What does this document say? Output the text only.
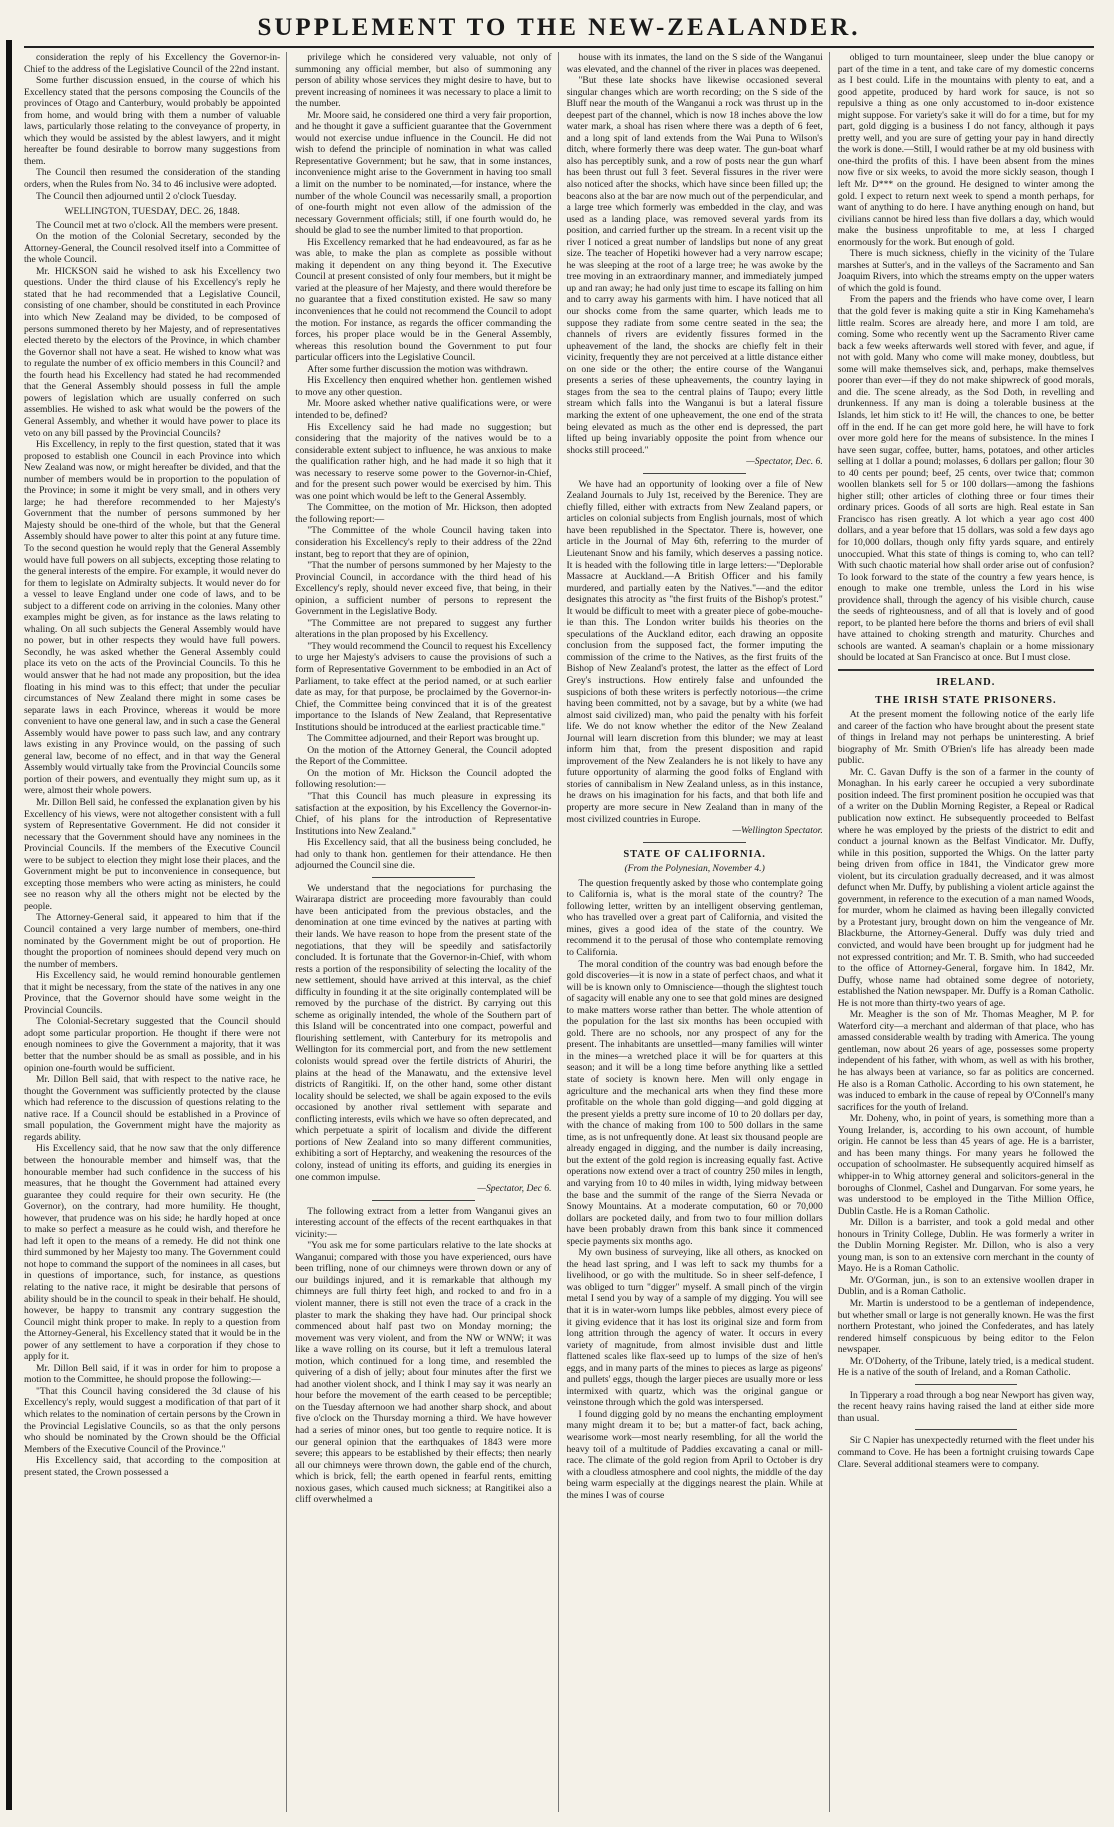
SUPPLEMENT TO THE NEW-ZEALANDER.

consideration the reply of his Excellency the Governor-in-Chief to the address of the Legislative Council of the 22nd instant.

Some further discussion ensued, in the course of which his Excellency stated that the persons composing the Councils of the provinces of Otago and Canterbury, would probably be appointed from home, and would bring with them a number of valuable laws, particularly those relating to the conveyance of property, in which they would be assisted by the ablest lawyers, and it might hereafter be found desirable to borrow many suggestions from them.

The Council then resumed the consideration of the standing orders, when the Rules from No. 34 to 46 inclusive were adopted.

The Council then adjourned until 2 o'clock Tuesday.

WELLINGTON, TUESDAY, DEC. 26, 1848.

The Council met at two o'clock. All the members were present.

On the motion of the Colonial Secretary, seconded by the Attorney-General, the Council resolved itself into a Committee of the whole Council.

Mr. HICKSON said he wished to ask his Excellency two questions. Under the third clause of his Excellency's reply he stated that he had recommended that a Legislative Council, consisting of one chamber, should be constituted in each Province into which New Zealand may be divided, to be composed of persons summoned thereto by her Majesty, and of representatives elected thereto by the electors of the Province, in which chamber the Governor shall not have a seat. He wished to know what was to regulate the number of ex officio members in this Council? and the fourth head his Excellency had stated he had recommended that the General Assembly should possess in full the ample powers of legislation which are usually conferred on such assemblies. He wished to ask what would be the powers of the General Assembly, and whether it would have power to place its veto on any bill passed by the Provincial Councils?

His Excellency, in reply to the first question, stated that it was proposed to establish one Council in each Province into which New Zealand was now, or might hereafter be divided, and that the number of members would be in proportion to the population of the Province; in some it might be very small, and in others very large; he had therefore recommended to her Majesty's Government that the number of persons summoned by her Majesty should be one-third of the whole, but that the General Assembly should have power to alter this point at any future time. To the second question he would reply that the General Assembly would have full powers on all subjects, excepting those relating to the general interests of the empire. For example, it would never do for them to legislate on Admiralty subjects. It would never do for a vessel to leave England under one code of laws, and to be subject to a different code on arriving in the colonies. Many other examples might be given, as for instance as the laws relating to whaling. On all such subjects the General Assembly would have no power, but in other respects they would have full powers. Secondly, he was asked whether the General Assembly could place its veto on the acts of the Provincial Councils. To this he would answer that he had not made any proposition, but the idea floating in his mind was to this effect; that under the peculiar circumstances of New Zealand there might in some cases be separate laws in each Province, whereas it would be more convenient to have one general law, and in such a case the General Assembly would have power to pass such law, and any contrary laws existing in any Province would, on the passing of such general law, become of no effect, and in that way the General Assembly would virtually take from the Provincial Councils some portion of their powers, and eventually they might sum up, as it were, almost their whole powers.

Mr. Dillon Bell said, he confessed the explanation given by his Excellency of his views, were not altogether consistent with a full system of Representative Government. He did not consider it necessary that the Government should have any nominees in the Provincial Councils. If the members of the Executive Council were to be subject to election they might lose their places, and the Government might be put to inconvenience in consequence, but excepting those members who were acting as ministers, he could see no reason why all the others might not be elected by the people.

The Attorney-General said, it appeared to him that if the Council contained a very large number of members, one-third nominated by the Government might be out of proportion. He thought the proportion of nominees should depend very much on the number of members.

His Excellency said, he would remind honourable gentlemen that it might be necessary, from the state of the natives in any one Province, that the Governor should have some weight in the Provincial Councils.

The Colonial-Secretary suggested that the Council should adopt some particular proportion. He thought if there were not enough nominees to give the Government a majority, that it was better that the number should be as small as possible, and in his opinion one-fourth would be sufficient.

Mr. Dillon Bell said, that with respect to the native race, he thought the Government was sufficiently protected by the clause which had reference to the discussion of questions relating to the native race. If a Council should be established in a Province of small population, the Government might have the majority as regards ability.

His Excellency said, that he now saw that the only difference between the honourable member and himself was, that the honourable member had such confidence in the success of his measures, that he thought the Government had attained every guarantee they could require for their own security. He (the Governor), on the contrary, had more humility. He thought, however, that prudence was on his side; he hardly hoped at once to make so perfect a measure as he could wish, and therefore he had left it open to the means of a remedy. He did not think one third summoned by her Majesty too many. The Government could not hope to command the support of the nominees in all cases, but in questions of importance, such, for instance, as questions relating to the native race, it might be desirable that persons of ability should be in the council to speak in their behalf. He should, however, be happy to transmit any contrary suggestion the Council might think proper to make. In reply to a question from the Attorney-General, his Excellency stated that it would be in the power of any settlement to have a corporation if they chose to apply for it.

Mr. Dillon Bell said, if it was in order for him to propose a motion to the Committee, he should propose the following:—

"That this Council having considered the 3d clause of his Excellency's reply, would suggest a modification of that part of it which relates to the nomination of certain persons by the Crown in the Provincial Legislative Councils, so as that the only persons who should be nominated by the Crown should be the Official Members of the Executive Council of the Province."

His Excellency said, that according to the composition at present stated, the Crown possessed a

privilege which he considered very valuable, not only of summoning any official member, but also of summoning any person of ability whose services they might desire to have, but to prevent increasing of nominees it was necessary to place a limit to the number.

Mr. Moore said, he considered one third a very fair proportion, and he thought it gave a sufficient guarantee that the Government would not exercise undue influence in the Council. He did not wish to defend the principle of nomination in what was called Representative Government; but he saw, that in some instances, inconvenience might arise to the Government in having too small a limit on the number to be nominated,—for instance, where the number of the whole Council was necessarily small, a proportion of one-fourth might not even allow of the admission of the necessary Government officials; still, if one fourth would do, he should be glad to see the number limited to that proportion.

His Excellency remarked that he had endeavoured, as far as he was able, to make the plan as complete as possible without making it dependent on any thing beyond it. The Executive Council at present consisted of only four members, but it might be varied at the pleasure of her Majesty, and there would therefore be no guarantee that a fixed constitution existed. He saw so many inconveniences that he could not recommend the Council to adopt the motion. For instance, as regards the officer commanding the forces, his proper place would be in the General Assembly, whereas this resolution bound the Government to put four particular officers into the Legislative Council.

After some further discussion the motion was withdrawn.

His Excellency then enquired whether hon. gentlemen wished to move any other question.

Mr. Moore asked whether native qualifications were, or were intended to be, defined?

His Excellency said he had made no suggestion; but considering that the majority of the natives would be to a considerable extent subject to influence, he was anxious to make the qualification rather high, and he had made it so high that it was necessary to reserve some power to the Governor-in-Chief, and for the present such power would be exercised by him. This was one point which would be left to the General Assembly.

The Committee, on the motion of Mr. Hickson, then adopted the following report:—

"The Committee of the whole Council having taken into consideration his Excellency's reply to their address of the 22nd instant, beg to report that they are of opinion,

"That the number of persons summoned by her Majesty to the Provincial Council, in accordance with the third head of his Excellency's reply, should never exceed five, that being, in their opinion, a sufficient number of persons to represent the Government in the Legislative Body.

"The Committee are not prepared to suggest any further alterations in the plan proposed by his Excellency.

"They would recommend the Council to request his Excellency to urge her Majesty's advisers to cause the provisions of such a form of Representative Government to be embodied in an Act of Parliament, to take effect at the period named, or at such earlier date as may, for that purpose, be proclaimed by the Governor-in-Chief, the Committee being convinced that it is of the greatest importance to the Islands of New Zealand, that Representative Institutions should be introduced at the earliest practicable time."

The Committee adjourned, and their Report was brought up.

On the motion of the Attorney General, the Council adopted the Report of the Committee.

On the motion of Mr. Hickson the Council adopted the following resolution:—

"That this Council has much pleasure in expressing its satisfaction at the exposition, by his Excellency the Governor-in-Chief, of his plans for the introduction of Representative Institutions into New Zealand."

His Excellency said, that all the business being concluded, he had only to thank hon. gentlemen for their attendance. He then adjourned the Council sine die.

We understand that the negociations for purchasing the Wairarapa district are proceeding more favourably than could have been anticipated from the previous obstacles, and the denomination at one time evinced by the natives at parting with their lands. We have reason to hope from the present state of the negotiations, that they will be speedily and satisfactorily concluded. It is fortunate that the Governor-in-Chief, with whom rests a portion of the responsibility of selecting the locality of the new settlement, should have arrived at this interval, as the chief difficulty in founding it at the site originally contemplated will be removed by the purchase of the district. By carrying out this scheme as originally intended, the whole of the Southern part of this Island will be concentrated into one compact, powerful and flourishing settlement, with Canterbury for its metropolis and Wellington for its commercial port, and from the new settlement colonists would spread over the fertile districts of Ahuriri, the plains at the head of the Manawatu, and the extensive level districts of Rangitiki. If, on the other hand, some other distant locality should be selected, we shall be again exposed to the evils occasioned by another rival settlement with separate and conflicting interests, evils which we have so often deprecated, and which perpetuate a spirit of localism and divide the different portions of New Zealand into so many different communities, exhibiting a sort of Heptarchy, and weakening the resources of the colony, instead of uniting its efforts, and guiding its energies in one common impulse.

—Spectator, Dec 6.

The following extract from a letter from Wanganui gives an interesting account of the effects of the recent earthquakes in that vicinity:—

"You ask me for some particulars relative to the late shocks at Wanganui; compared with those you have experienced, ours have been trifling, none of our chimneys were thrown down or any of our buildings injured, and it is remarkable that although my chimneys are full thirty feet high, and rocked to and fro in a violent manner, there is still not even the trace of a crack in the plaster to mark the shaking they have had. Our principal shock commenced about half past two on Monday morning; the movement was very violent, and from the NW or WNW; it was like a wave rolling on its course, but it left a tremulous lateral motion, which continued for a long time, and resembled the quivering of a dish of jelly; about four minutes after the first we had another violent shock, and I think I may say it was nearly an hour before the movement of the earth ceased to be perceptible; on the Tuesday afternoon we had another sharp shock, and about five o'clock on the Thursday morning a third. We have however had a series of minor ones, but too gentle to require notice. It is our general opinion that the earthquakes of 1843 were more severe; this appears to be established by their effects; then nearly all our chimneys were thrown down, the gable end of the church, which is brick, fell; the earth opened in fearful rents, emitting noxious gases, which caused much sickness; at Rangitikei also a cliff overwhelmed a

house with its inmates, the land on the S side of the Wanganui was elevated, and the channel of the river in places was deepened.

"But these late shocks have likewise occasioned several singular changes which are worth recording; on the S side of the Bluff near the mouth of the Wanganui a rock was thrust up in the deepest part of the channel, which is now 18 inches above the low water mark, a shoal has risen where there was a depth of 6 feet, and a long spit of land extends from the Wai Puna to Wilson's ditch, where formerly there was deep water. The gun-boat wharf also has perceptibly sunk, and a row of posts near the gun wharf has been thrust out full 3 feet. Several fissures in the river were also noticed after the shocks, which have since been filled up; the beacons also at the bar are now much out of the perpendicular, and a large tree which formerly was embedded in the clay, and was used as a landing place, was removed several yards from its position, and carried further up the stream. In a recent visit up the river I noticed a great number of landslips but none of any great size. The teacher of Hopetiki however had a very narrow escape; he was sleeping at the root of a large tree; he was awoke by the tree moving in an extraordinary manner, and immediately jumped up and ran away; he had only just time to escape its falling on him and to carry away his garments with him. I have noticed that all our shocks come from the same quarter, which leads me to suppose they radiate from some centre seated in the sea; the channels of rivers are evidently fissures formed in the upheavement of the land, the shocks are chiefly felt in their vicinity, frequently they are not perceived at a little distance either on one side or the other; the entire course of the Wanganui presents a series of these upheavements, the country laying in stages from the sea to the central plains of Taupo; every little stream which falls into the Wanganui is but a lateral fissure marking the extent of one upheavement, the one end of the strata being elevated as much as the other end is depressed, the part lifted up being invariably opposite the point from whence our shocks still proceed."

—Spectator, Dec. 6.

We have had an opportunity of looking over a file of New Zealand Journals to July 1st, received by the Berenice. They are chiefly filled, either with extracts from New Zealand papers, or articles on colonial subjects from English journals, most of which have been republished in the Spectator. There is, however, one article in the Journal of May 6th, referring to the murder of Lieutenant Snow and his family, which deserves a passing notice. It is headed with the following title in large letters:—"Deplorable Massacre at Auckland.—A British Officer and his family murdered, and partially eaten by the Natives."—and the editor designates this atrocity as "the first fruits of the Bishop's protest." It would be difficult to meet with a greater piece of gobe-mouche-ie than this. The London writer builds his theories on the speculations of the Auckland editor, each drawing an opposite conclusion from the supposed fact, the former imputing the commission of the crime to the Natives, as the first fruits of the Bishop of New Zealand's protest, the latter as the effect of Lord Grey's instructions. How entirely false and unfounded the suspicions of both these writers is perfectly notorious—the crime having been committed, not by a savage, but by a white (we had almost said civilized) man, who paid the penalty with his forfeit life. We do not know whether the editor of the New Zealand Journal will learn discretion from this blunder; we may at least inform him that, from the present disposition and rapid improvement of the New Zealanders he is not likely to have any future opportunity of alarming the good folks of England with stories of cannibalism in New Zealand unless, as in this instance, he draws on his imagination for his facts, and that both life and property are more secure in New Zealand than in many of the most civilized countries in Europe.

—Wellington Spectator.

STATE OF CALIFORNIA.
(From the Polynesian, November 4.)

The question frequently asked by those who contemplate going to California is, what is the moral state of the country? The following letter, written by an intelligent observing gentleman, who has travelled over a great part of California, and visited the mines, gives a good idea of the state of the country. We recommend it to the perusal of those who contemplate removing to California.

The moral condition of the country was bad enough before the gold discoveries—it is now in a state of perfect chaos, and what it will be is known only to Omniscience—though the slightest touch of sagacity will enable any one to see that gold mines are designed to make matters worse rather than better. The whole attention of the population for the last six months has been occupied with gold. There are no schools, nor any prospect of any for the present. The inhabitants are unsettled—many families will winter in the mines—a wretched place it will be for quarters at this season; and it will be a long time before anything like a settled state of society is known here. Men will only engage in agriculture and the mechanical arts when they find these more profitable on the whole than gold digging—and gold digging at the present yields a pretty sure income of 10 to 20 dollars per day, with the chance of making from 100 to 500 dollars in the same time, as is not unfrequently done. At least six thousand people are already engaged in digging, and the number is daily increasing, but the extent of the gold region is increasing equally fast. Active operations now extend over a tract of country 250 miles in length, and varying from 10 to 40 miles in width, lying midway between the base and the summit of the range of the Sierra Nevada or Snowy Mountains. At a moderate computation, 60 or 70,000 dollars are pocketed daily, and from two to four million dollars have been probably drawn from this bank since it commenced specie payments six months ago.

My own business of surveying, like all others, as knocked on the head last spring, and I was left to sack my thumbs for a livelihood, or go with the multitude. So in sheer self-defence, I was obliged to turn "digger" myself. A small pinch of the virgin metal I send you by way of a sample of my digging. You will see that it is in water-worn lumps like pebbles, almost every piece of it giving evidence that it has lost its original size and form from long attrition through the agency of water. It occurs in every variety of magnitude, from almost invisible dust and little flattened scales like flax-seed up to lumps of the size of hen's eggs, and in many parts of the mines to pieces as large as pigeons' and pullets' eggs, though the larger pieces are usually more or less intermixed with quartz, which was the original gangue or veinstone through which the gold was interspersed.

I found digging gold by no means the enchanting employment many might dream it to be; but a matter-of fact, back aching, wearisome work—most nearly resembling, for all the world the heavy toil of a multitude of Paddies excavating a canal or mill-race. The climate of the gold region from April to October is dry with a cloudless atmosphere and cool nights, the middle of the day being warm especially at the diggings nearest the plain. While at the mines I was of course

obliged to turn mountaineer, sleep under the blue canopy or part of the time in a tent, and take care of my domestic concerns as I best could. Life in the mountains with plenty to eat, and a good appetite, produced by hard work for sauce, is not so repulsive a thing as one only accustomed to in-door existence might suppose. For variety's sake it will do for a time, but for my part, gold digging is a business I do not fancy, although it pays pretty well, and you are sure of getting your pay in hand directly the work is done.—Still, I would rather be at my old business with one-third the profits of this. I have been absent from the mines now five or six weeks, to avoid the more sickly season, though I left Mr. D*** on the ground. He designed to winter among the gold. I expect to return next week to spend a month perhaps, for want of anything to do here. I have anything enough on hand, but civilians cannot be hired less than five dollars a day, which would make the business unprofitable to me, at less I charged enormously for the work. But enough of gold.

There is much sickness, chiefly in the vicinity of the Tulare marshes at Sutter's, and in the valleys of the Sacramento and San Joaquim Rivers, into which the streams empty on the upper waters of which the gold is found.

From the papers and the friends who have come over, I learn that the gold fever is making quite a stir in King Kamehameha's little realm. Scores are already here, and more I am told, are coming. Some who recently went up the Sacramento River came back a few weeks afterwards well stored with fever, and ague, if not with gold. Many who come will make money, doubtless, but some will make themselves sick, and, perhaps, make themselves poorer than ever—if they do not make shipwreck of good morals, and die. The scene already, as the Sod Doth, in revelling and drunkenness. If any man is doing a tolerable business at the Islands, let him stick to it! He will, the chances to one, be better off in the end. If he can get more gold here, he will have to fork over more gold here for the means of subsistence. In the mines I have seen sugar, coffee, butter, hams, potatoes, and other articles selling at 1 dollar a pound; molasses, 6 dollars per gallon; flour 30 to 40 cents per pound; beef, 25 cents, over twice that; common woollen blankets sell for 5 or 100 dollars—among the fashions higher still; other articles of clothing three or four times their ordinary prices. Goods of all sorts are high. Real estate in San Francisco has risen greatly. A lot which a year ago cost 400 dollars, and a year before that 15 dollars, was sold a few days ago for 10,000 dollars, though only fifty yards square, and entirely unoccupied. What this state of things is coming to, who can tell? With such chaotic material how shall order arise out of confusion? To look forward to the state of the country a few years hence, is enough to make one tremble, unless the Lord in his wise providence shall, through the agency of his visible church, cause the seeds of righteousness, and of all that is lovely and of good report, to be planted here before the thorns and briers of evil shall have attained to choking strength and maturity. Churches and schools are wanted. A seaman's chaplain or a home missionary should be located at San Francisco at once. But I must close.

IRELAND.
THE IRISH STATE PRISONERS.

At the present moment the following notice of the early life and career of the faction who have brought about the present state of things in Ireland may not perhaps be uninteresting. A brief biography of Mr. Smith O'Brien's life has already been made public.

Mr. C. Gavan Duffy is the son of a farmer in the county of Monaghan. In his early career he occupied a very subordinate position indeed. The first prominent position he occupied was that of a writer on the Dublin Morning Register, a Repeal or Radical publication now extinct. He subsequently proceeded to Belfast where he was employed by the priests of the district to edit and conduct a journal known as the Belfast Vindicator. Mr. Duffy, while in this position, supported the Whigs. On the latter party being driven from office in 1841, the Vindicator grew more violent, but its circulation gradually decreased, and it was almost defunct when Mr. Duffy, by publishing a violent article against the government, in reference to the execution of a man named Woods, for murder, whom he claimed as having been illegally convicted by a Protestant jury, brought down on him the vengeance of Mr. Blackburne, the Attorney-General. Duffy was duly tried and convicted, and would have been brought up for judgment had he not expressed contrition; and Mr. T. B. Smith, who had succeeded to the office of Attorney-General, forgave him. In 1842, Mr. Duffy, whose name had obtained some degree of notoriety, established the Nation newspaper. Mr. Duffy is a Roman Catholic. He is not more than thirty-two years of age.

Mr. Meagher is the son of Mr. Thomas Meagher, M P. for Waterford city—a merchant and alderman of that place, who has amassed considerable wealth by trading with America. The young gentleman, now about 26 years of age, possesses some property independent of his father, with whom, as well as with his brother, he has always been at variance, so far as politics are concerned. He also is a Roman Catholic. According to his own statement, he was induced to embark in the cause of repeal by O'Connell's many sacrifices for the youth of Ireland.

Mr. Doheny, who, in point of years, is something more than a Young Irelander, is, according to his own account, of humble origin. He cannot be less than 45 years of age. He is a barrister, and has been many things. For many years he followed the occupation of schoolmaster. He subsequently acquired himself as whipper-in to Whig attorney general and solicitors-general in the boroughs of Clonmel, Cashel and Dungarvan. For some years, he was understood to be employed in the Tithe Million Office, Dublin Castle. He is a Roman Catholic.

Mr. Dillon is a barrister, and took a gold medal and other honours in Trinity College, Dublin. He was formerly a writer in the Dublin Morning Register. Mr. Dillon, who is also a very young man, is son to an extensive corn merchant in the county of Mayo. He is a Roman Catholic.

Mr. O'Gorman, jun., is son to an extensive woollen draper in Dublin, and is a Roman Catholic.

Mr. Martin is understood to be a gentleman of independence, but whether small or large is not generally known. He was the first northern Protestant, who joined the Confederates, and has lately rendered himself conspicuous by being editor to the Felon newspaper.

Mr. O'Doherty, of the Tribune, lately tried, is a medical student. He is a native of the south of Ireland, and a Roman Catholic.

In Tipperary a road through a bog near Newport has given way, the recent heavy rains having raised the land at either side more than usual.

Sir C Napier has unexpectedly returned with the fleet under his command to Cove. He has been a fortnight cruising towards Cape Clare. Several additional steamers were to company.
